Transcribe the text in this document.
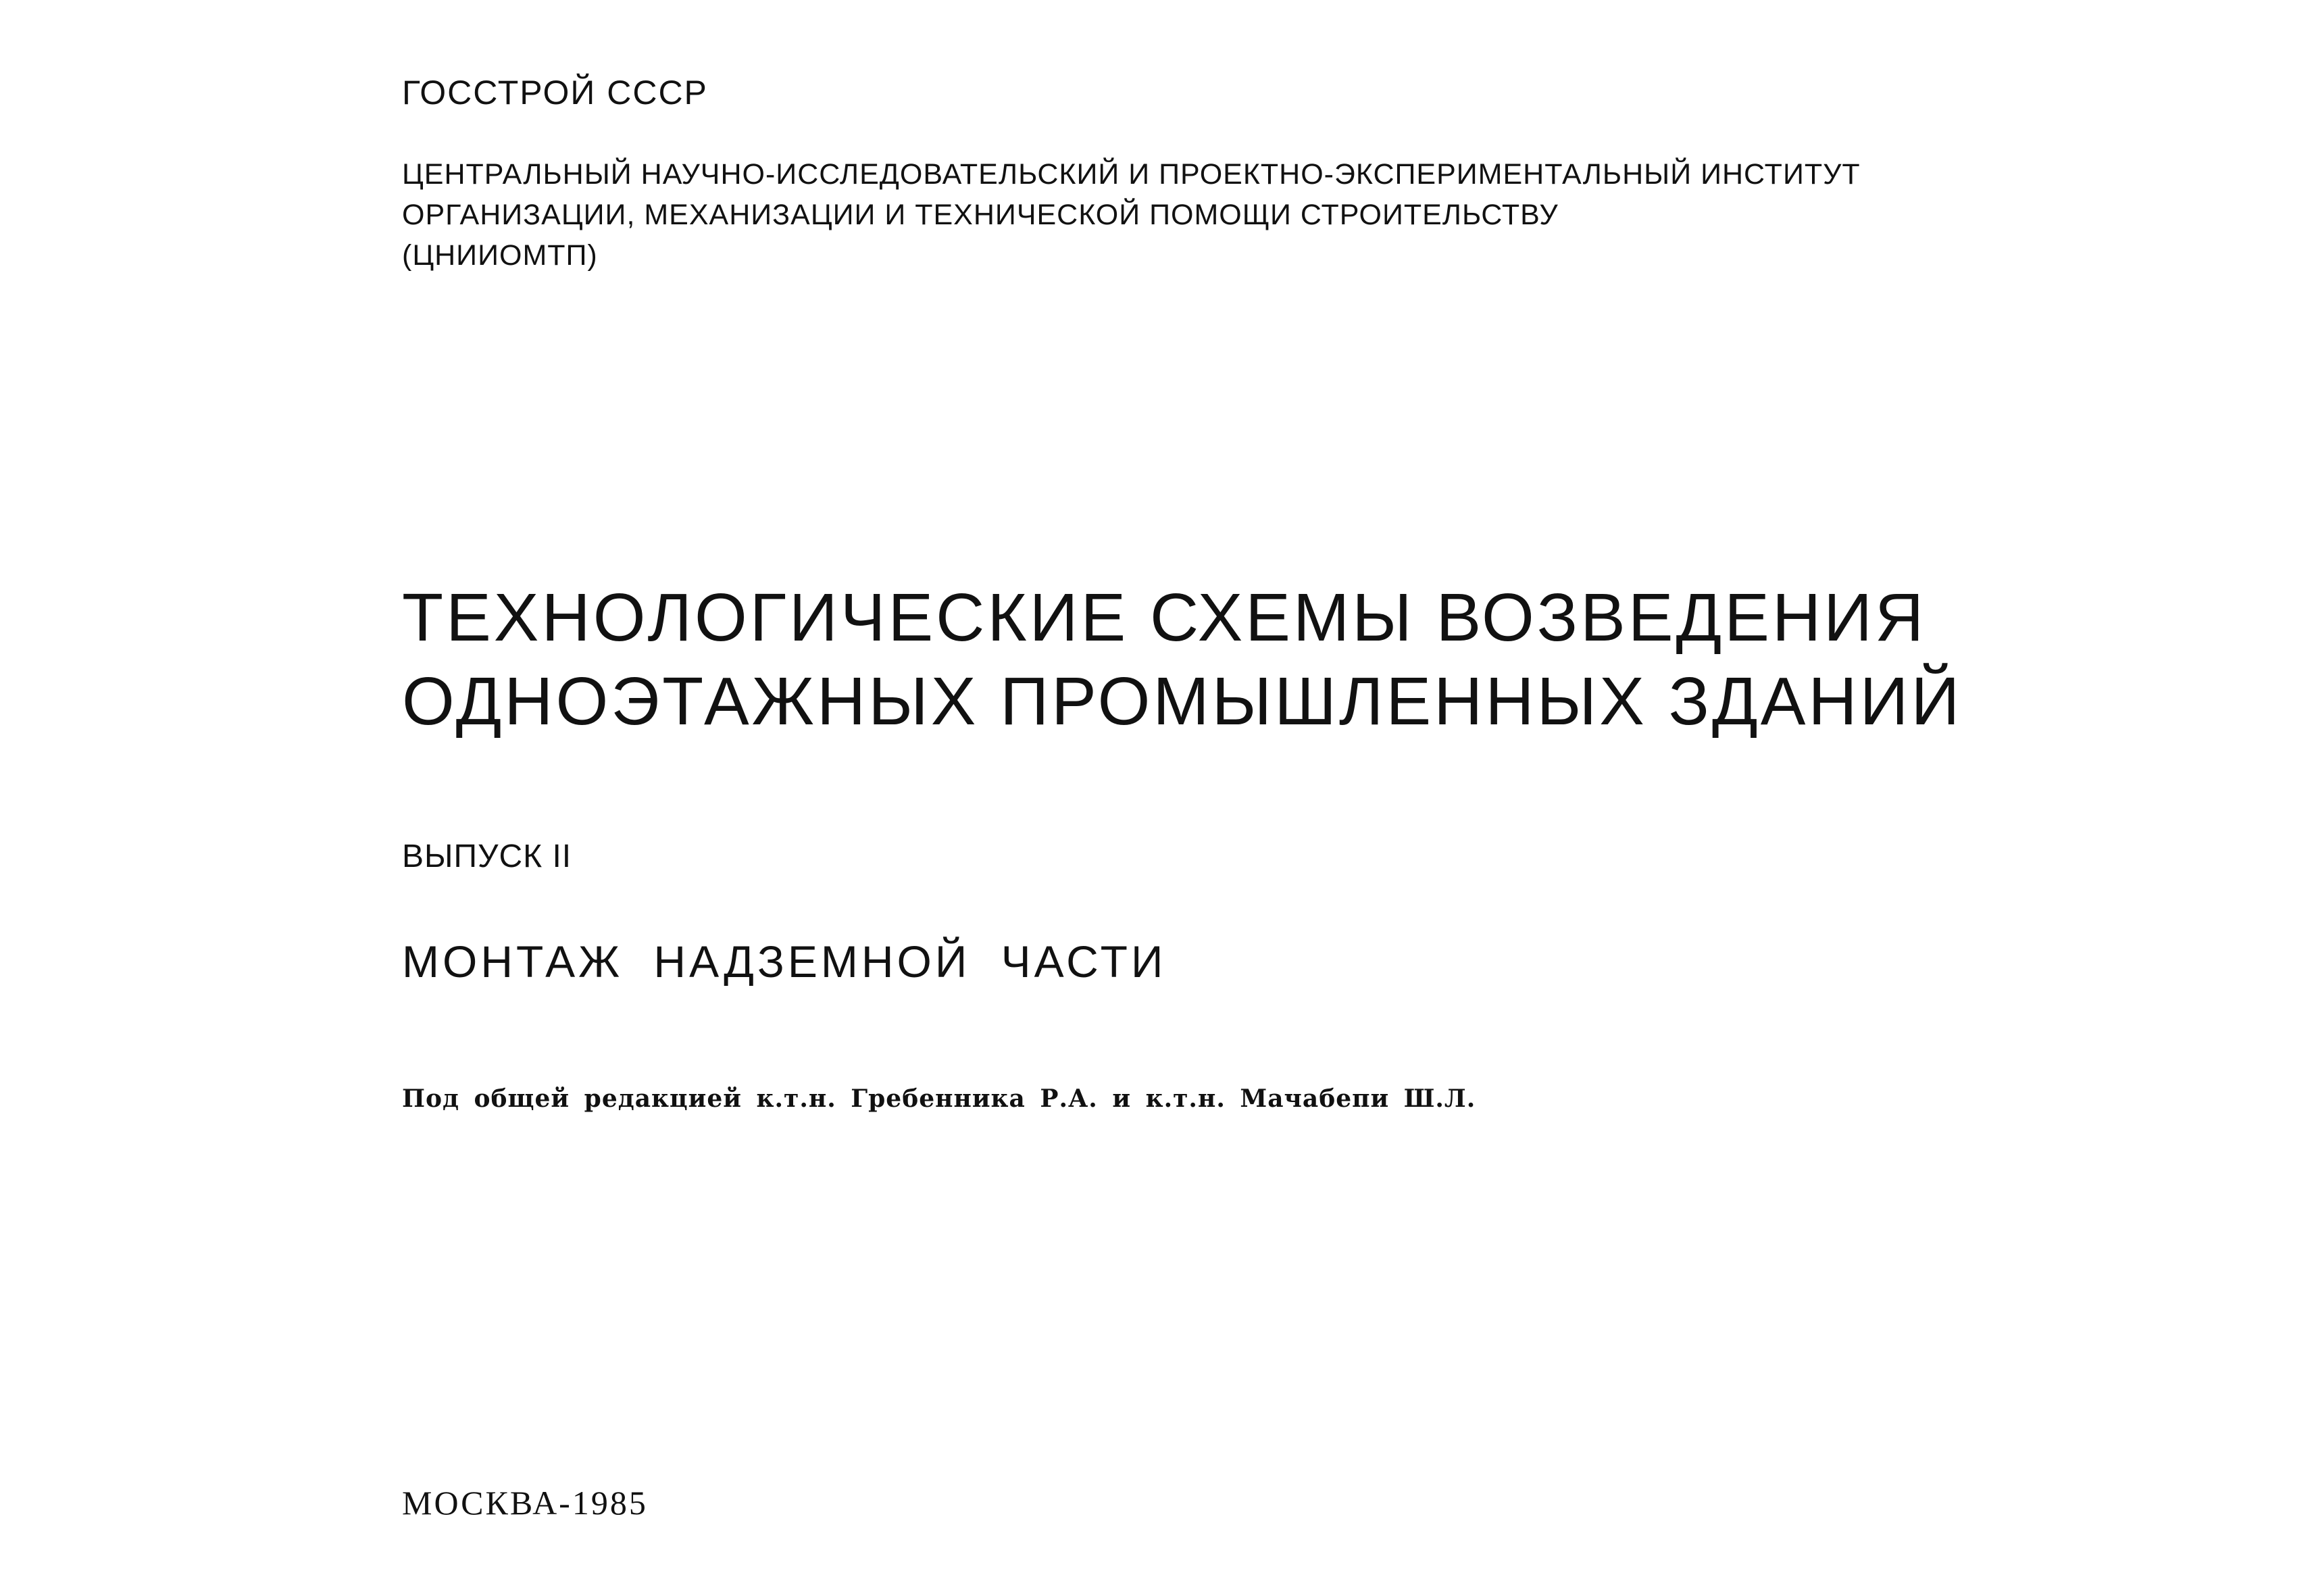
ГОССТРОЙ СССР
ЦЕНТРАЛЬНЫЙ НАУЧНО-ИССЛЕДОВАТЕЛЬСКИЙ И ПРОЕКТНО-ЭКСПЕРИМЕНТАЛЬНЫЙ ИНСТИТУТ
ОРГАНИЗАЦИИ, МЕХАНИЗАЦИИ И ТЕХНИЧЕСКОЙ ПОМОЩИ СТРОИТЕЛЬСТВУ
(ЦНИИОМТП)
ТЕХНОЛОГИЧЕСКИЕ СХЕМЫ ВОЗВЕДЕНИЯ
ОДНОЭТАЖНЫХ ПРОМЫШЛЕННЫХ ЗДАНИЙ
ВЫПУСК II
МОНТАЖ НАДЗЕМНОЙ ЧАСТИ
Под общей редакцией к.т.н. Гребенника Р.А. и к.т.н. Мачабепи Ш.Л.
МОСКВА-1985
